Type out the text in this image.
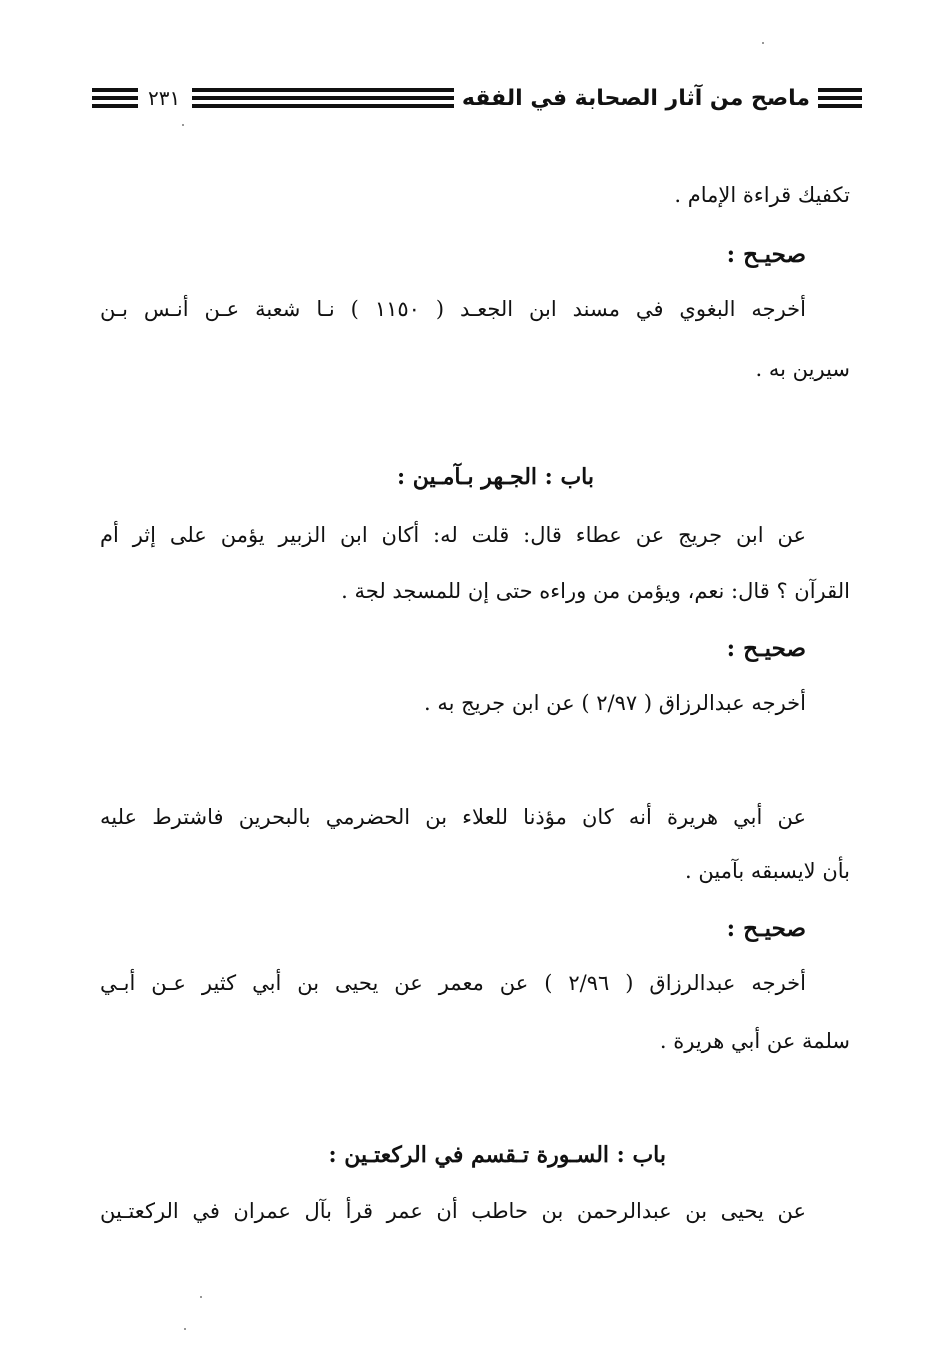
ماصح من آثار الصحابة في الفقه
٢٣١
تكفيك قراءة الإمام .
صحيـح :
أخرجه البغوي في مسند ابن الجعـد ( ١١٥٠ ) نـا شعبة عـن أنـس بـن
سيرين به .
باب : الجـهر بـآمـين :
عن ابن جريج عن عطاء قال: قلت له: أكان ابن الزبير يؤمن على إثر أم
القرآن ؟ قال: نعم، ويؤمن من وراءه حتى إن للمسجد لجة .
صحيـح :
أخرجه عبدالرزاق ( ٢/٩٧ ) عن ابن جريج به .
عن أبي هريرة أنه كان مؤذنا للعلاء بن الحضرمي بالبحرين فاشترط عليه
بأن لايسبقه بآمين .
صحيـح :
أخرجه عبدالرزاق ( ٢/٩٦ ) عن معمر عن يحيى بن أبي كثير عـن أبـي
سلمة عن أبي هريرة .
باب : السـورة تـقسم في الركعتـين :
عن يحيى بن عبدالرحمن بن حاطب أن عمر قرأ بآل عمران في الركعتـين
